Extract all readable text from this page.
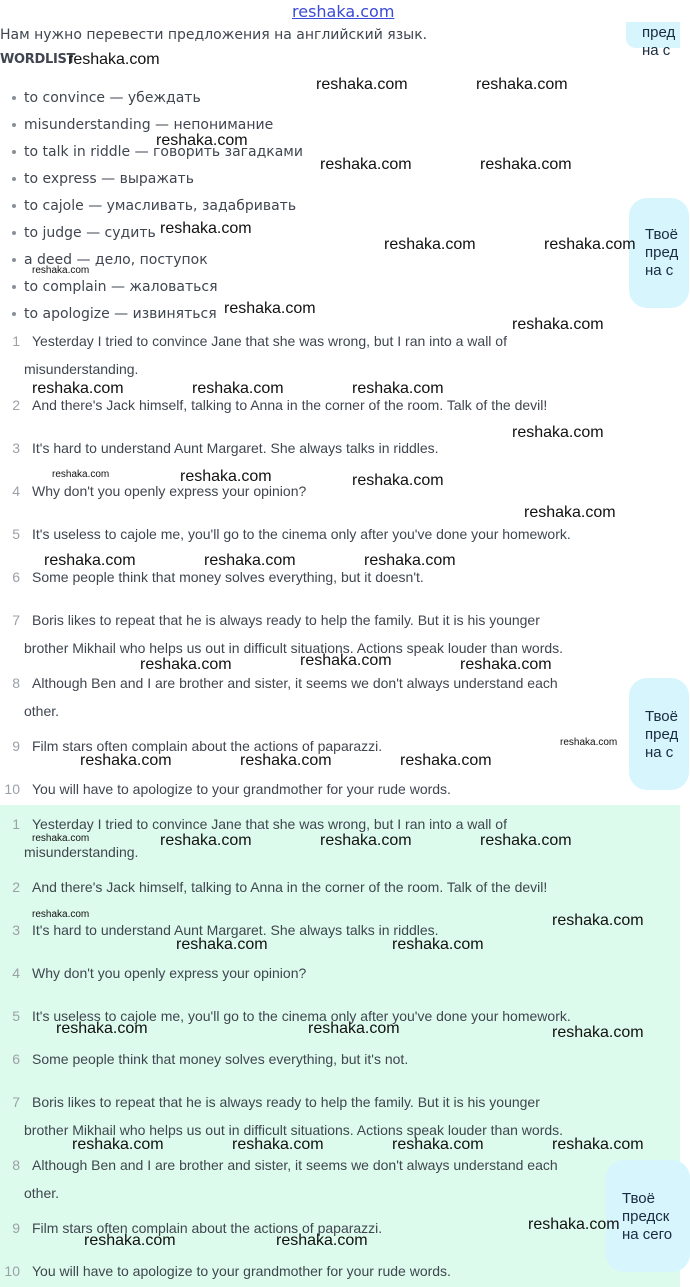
reshaka.com
Нам нужно перевести предложения на английский язык.
WORDLIST
reshaka.com
to convince — убеждать
misunderstanding — непонимание
to talk in riddle — говорить загадками
to express — выражать
to cajole — умасливать, задабривать
to judge — судить
a deed — дело, поступок
to complain — жаловаться
to apologize — извиняться
1 Yesterday I tried to convince Jane that she was wrong, but I ran into a wall of
misunderstanding.
2 And there's Jack himself, talking to Anna in the corner of the room. Talk of the devil!
3 It's hard to understand Aunt Margaret. She always talks in riddles.
4 Why don't you openly express your opinion?
5 It's useless to cajole me, you'll go to the cinema only after you've done your homework.
6 Some people think that money solves everything, but it doesn't.
7 Boris likes to repeat that he is always ready to help the family. But it is his younger
brother Mikhail who helps us out in difficult situations. Actions speak louder than words.
8 Although Ben and I are brother and sister, it seems we don't always understand each
other.
9 Film stars often complain about the actions of paparazzi.
10 You will have to apologize to your grandmother for your rude words.
1 Yesterday I tried to convince Jane that she was wrong, but I ran into a wall of
misunderstanding.
2 And there's Jack himself, talking to Anna in the corner of the room. Talk of the devil!
3 It's hard to understand Aunt Margaret. She always talks in riddles.
4 Why don't you openly express your opinion?
5 It's useless to cajole me, you'll go to the cinema only after you've done your homework.
6 Some people think that money solves everything, but it's not.
7 Boris likes to repeat that he is always ready to help the family. But it is his younger
brother Mikhail who helps us out in difficult situations. Actions speak louder than words.
8 Although Ben and I are brother and sister, it seems we don't always understand each
other.
9 Film stars often complain about the actions of paparazzi.
10 You will have to apologize to your grandmother for your rude words.
пред
на с
Твоё
пред
на с
Твоё
пред
на с
Твоё
предск
на сего
reshaka.com	reshaka.com
reshaka.com
reshaka.com	reshaka.com
reshaka.com
reshaka.com	reshaka.com
reshaka.com
reshaka.com
reshaka.com
reshaka.com	reshaka.com	reshaka.com
reshaka.com
reshaka.com	reshaka.com	reshaka.com
reshaka.com
reshaka.com	reshaka.com	reshaka.com
reshaka.com
reshaka.com	reshaka.com
reshaka.com
reshaka.com	reshaka.com	reshaka.com
reshaka.com	reshaka.com	reshaka.com	reshaka.com
reshaka.com	reshaka.com
reshaka.com	reshaka.com
reshaka.com	reshaka.com	reshaka.com
reshaka.com	reshaka.com	reshaka.com	reshaka.com
reshaka.com
reshaka.com	reshaka.com
